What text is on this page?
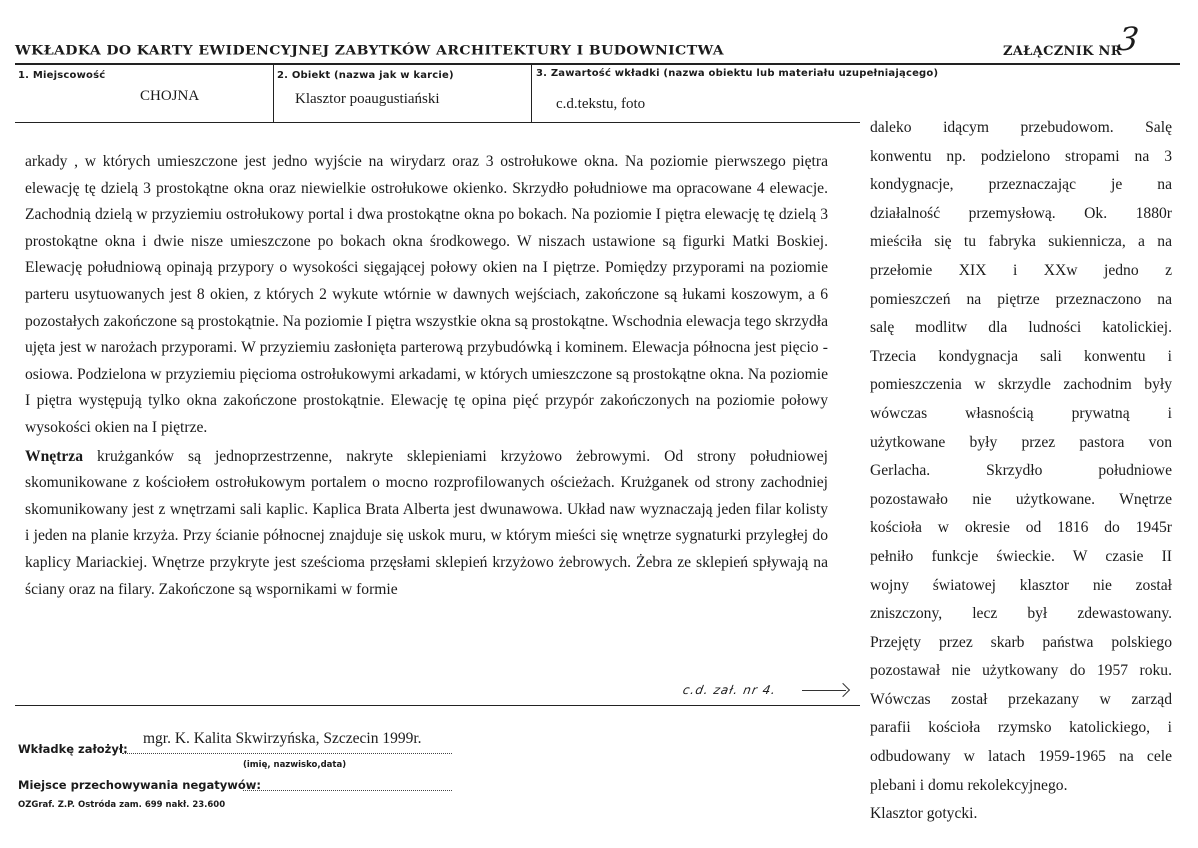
WKŁADKA DO KARTY EWIDENCYJNEJ ZABYTKÓW ARCHITEKTURY I BUDOWNICTWA	ZAŁĄCZNIK NR
3
1. Miejscowość
CHOJNA
2. Obiekt (nazwa jak w karcie)
Klasztor poaugustiański
3. Zawartość wkładki (nazwa obiektu lub materiału uzupełniającego)
c.d.tekstu, foto

arkady , w których umieszczone jest jedno wyjście na wirydarz oraz 3 ostrołukowe okna. Na poziomie pierwszego piętra elewację tę dzielą 3 prostokątne okna oraz niewielkie ostrołukowe okienko. Skrzydło południowe ma opracowane 4 elewacje. Zachodnią dzielą w przyziemiu ostrołukowy portal i dwa prostokątne okna po bokach. Na poziomie I piętra elewację tę dzielą 3 prostokątne okna i dwie nisze umieszczone po bokach okna środkowego. W niszach ustawione są figurki Matki Boskiej. Elewację południową opinają przypory o wysokości sięgającej połowy okien na I piętrze. Pomiędzy przyporami na poziomie parteru usytuowanych jest 8 okien, z których 2 wykute wtórnie w dawnych wejściach, zakończone są łukami koszowym, a 6 pozostałych zakończone są prostokątnie. Na poziomie I piętra wszystkie okna są prostokątne. Wschodnia elewacja tego skrzydła ujęta jest w narożach przyporami. W przyziemiu zasłonięta parterową przybudówką i kominem. Elewacja północna jest pięcio - osiowa. Podzielona w przyziemiu pięcioma ostrołukowymi arkadami, w których umieszczone są prostokątne okna. Na poziomie I piętra występują tylko okna zakończone prostokątnie. Elewację tę opina pięć przypór zakończonych na poziomie połowy wysokości okien na I piętrze.

Wnętrza krużganków są jednoprzestrzenne, nakryte sklepieniami krzyżowo żebrowymi. Od strony południowej skomunikowane z kościołem ostrołukowym portalem o mocno rozprofilowanych ościeżach. Krużganek od strony zachodniej skomunikowany jest z wnętrzami sali kaplic. Kaplica Brata Alberta jest dwunawowa. Układ naw wyznaczają jeden filar kolisty i jeden na planie krzyża. Przy ścianie północnej znajduje się uskok muru, w którym mieści się wnętrze sygnaturki przyległej do kaplicy Mariackiej. Wnętrze przykryte jest sześcioma przęsłami sklepień krzyżowo żebrowych. Żebra ze sklepień spływają na ściany oraz na filary. Zakończone są wspornikami w formie

c.d. zał. nr 4.
daleko idącym przebudowom. Salę
konwentu np. podzielono stropami na 3
kondygnacje, przeznaczając je na
działalność przemysłową. Ok. 1880r
mieściła się tu fabryka sukiennicza, a na
przełomie XIX i XXw jedno z
pomieszczeń na piętrze przeznaczono na
salę modlitw dla ludności katolickiej.
Trzecia kondygnacja sali konwentu i
pomieszczenia w skrzydle zachodnim były
wówczas własnością prywatną i
użytkowane były przez pastora von
Gerlacha. Skrzydło południowe
pozostawało nie użytkowane. Wnętrze
kościoła w okresie od 1816 do 1945r
pełniło funkcje świeckie. W czasie II
wojny światowej klasztor nie został
zniszczony, lecz był zdewastowany.
Przejęty przez skarb państwa polskiego
pozostawał nie użytkowany do 1957 roku.
Wówczas został przekazany w zarząd
parafii kościoła rzymsko katolickiego, i
odbudowany w latach 1959-1965 na cele
plebani i domu rekolekcyjnego.
Klasztor gotycki.
Wkładkę założył:
mgr. K. Kalita Skwirzyńska, Szczecin 1999r.
(imię, nazwisko,data)
Miejsce przechowywania negatywów:
OZGraf. Z.P. Ostróda zam. 699 nakł. 23.600
